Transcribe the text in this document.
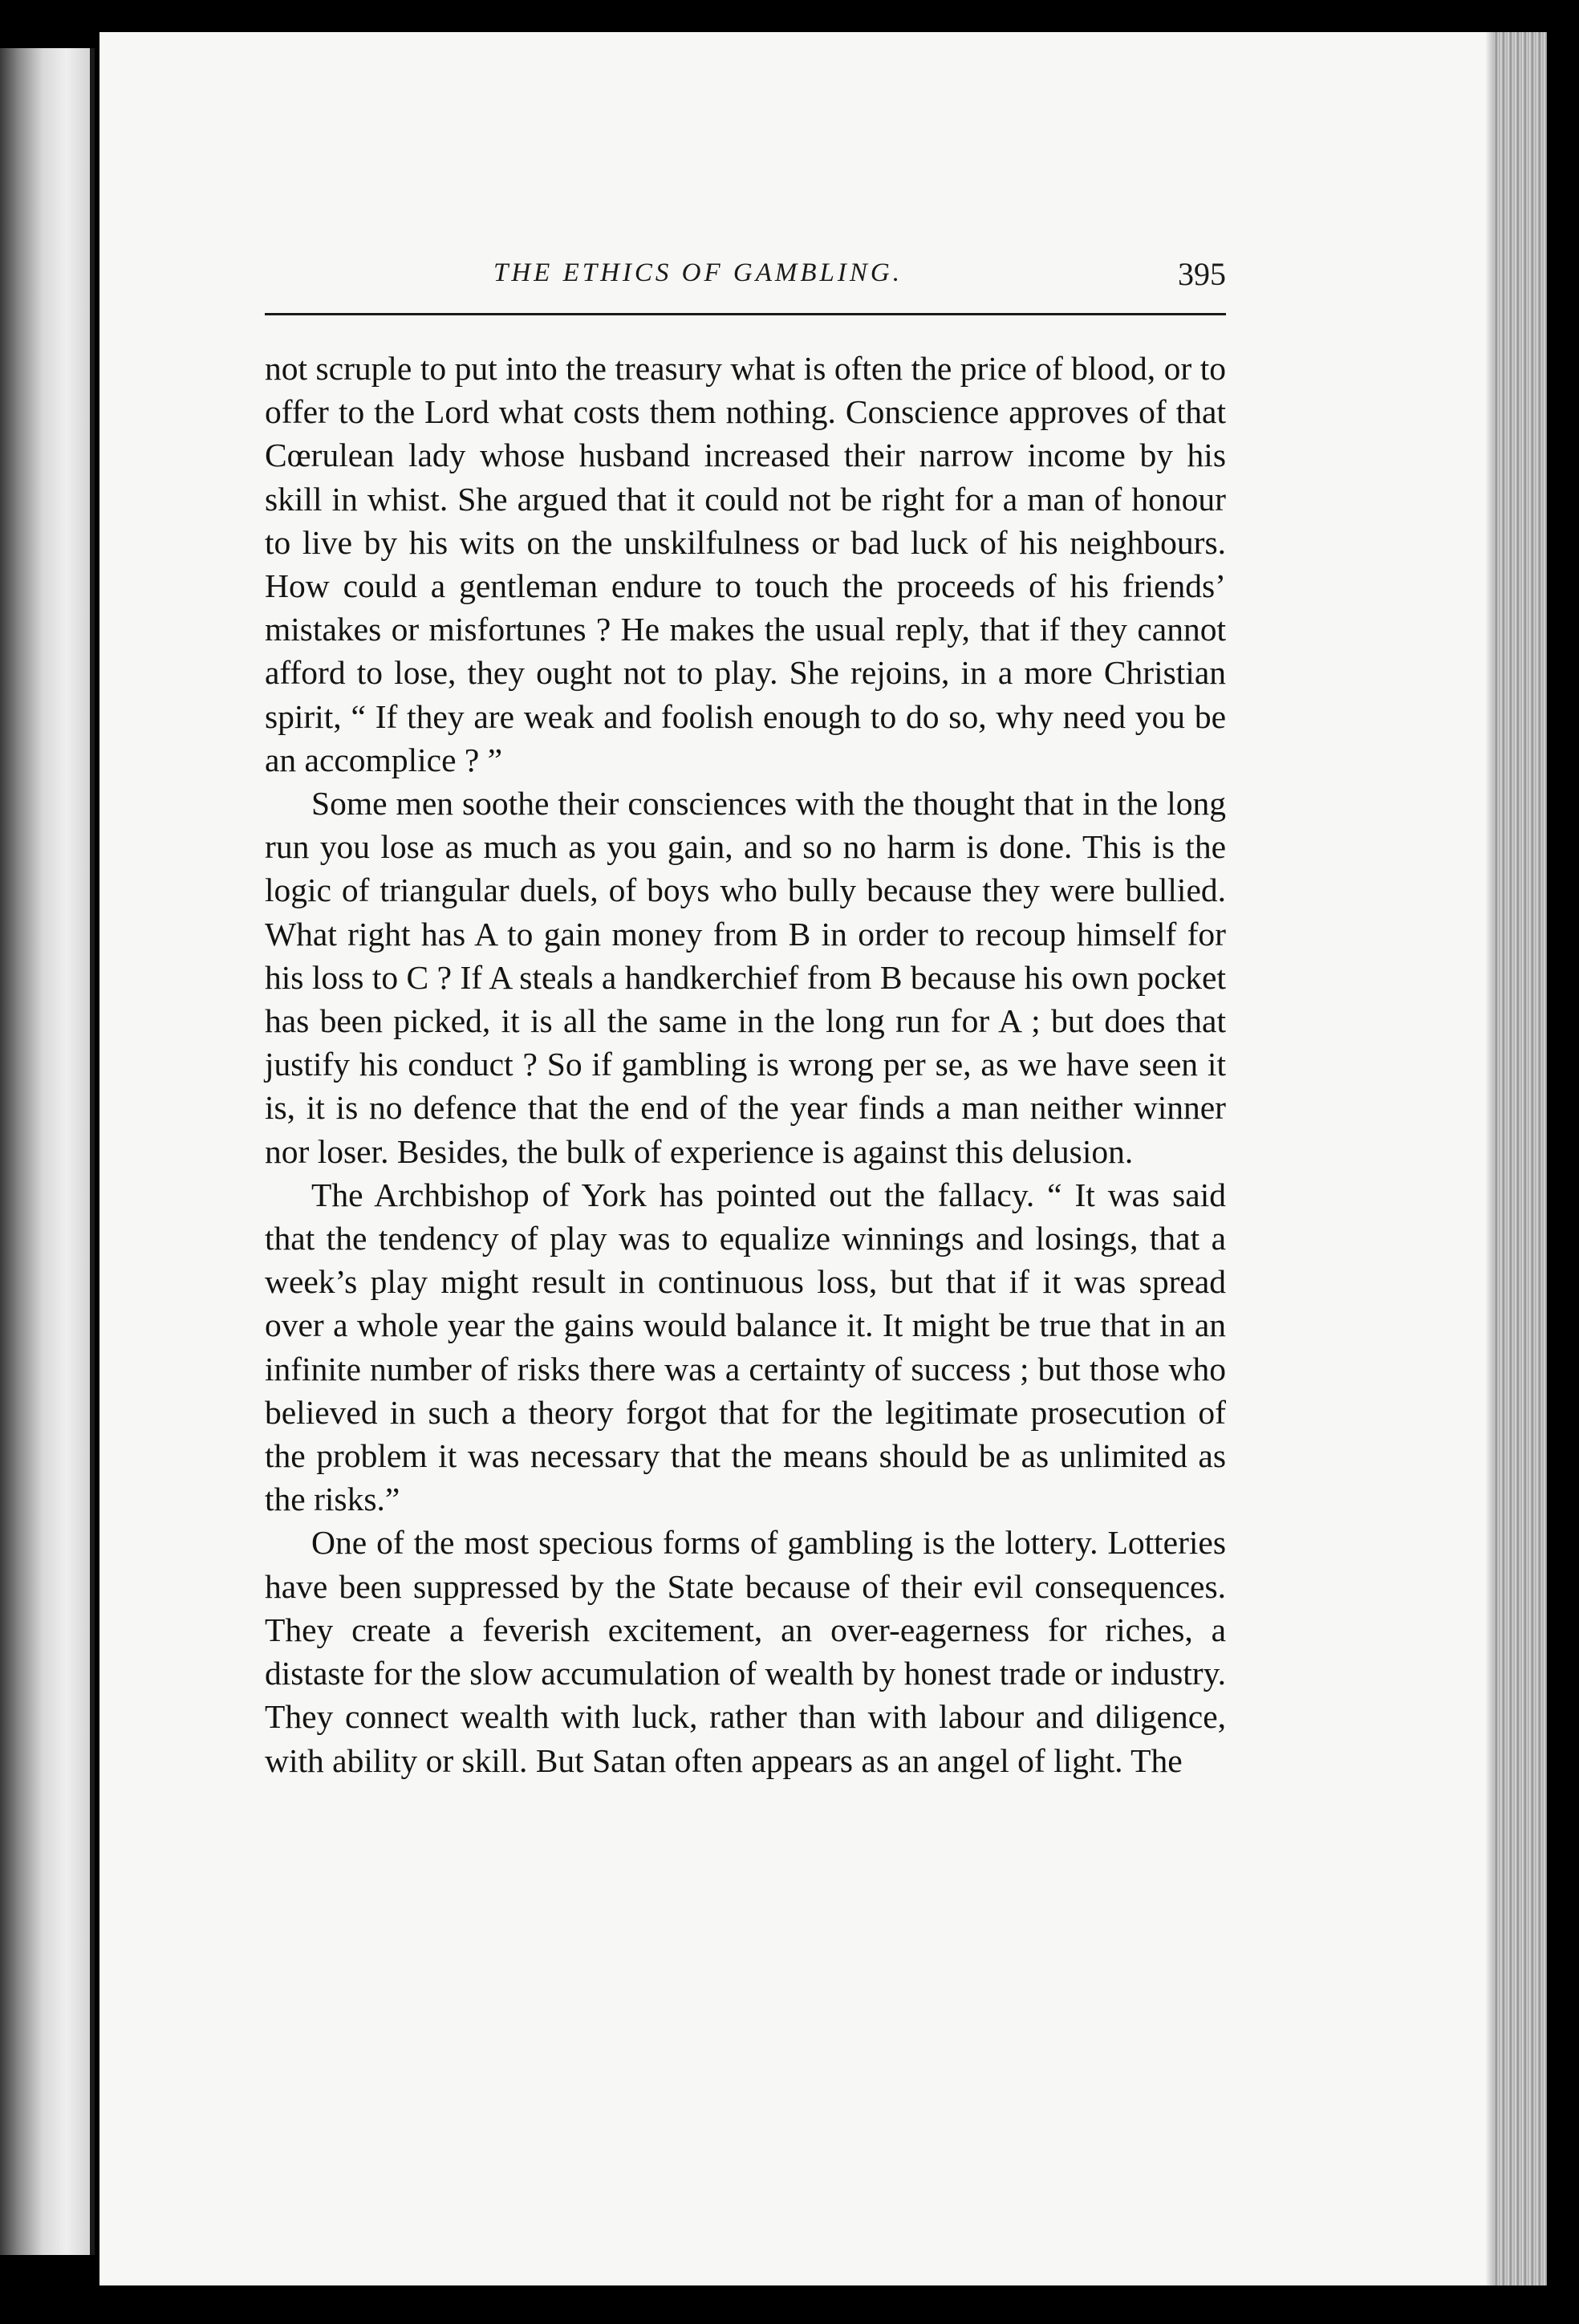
THE ETHICS OF GAMBLING.	395

not scruple to put into the treasury what is often the price of blood, or to offer to the Lord what costs them nothing. Conscience approves of that Cœrulean lady whose husband increased their narrow income by his skill in whist. She argued that it could not be right for a man of honour to live by his wits on the unskilfulness or bad luck of his neighbours. How could a gentleman endure to touch the proceeds of his friends’ mistakes or misfortunes ? He makes the usual reply, that if they cannot afford to lose, they ought not to play. She rejoins, in a more Christian spirit, “ If they are weak and foolish enough to do so, why need you be an accomplice ? ”

Some men soothe their consciences with the thought that in the long run you lose as much as you gain, and so no harm is done. This is the logic of triangular duels, of boys who bully because they were bullied. What right has A to gain money from B in order to recoup himself for his loss to C ? If A steals a handkerchief from B because his own pocket has been picked, it is all the same in the long run for A ; but does that justify his conduct ? So if gambling is wrong per se, as we have seen it is, it is no defence that the end of the year finds a man neither winner nor loser. Besides, the bulk of experience is against this delusion.

The Archbishop of York has pointed out the fallacy. “ It was said that the tendency of play was to equalize winnings and losings, that a week’s play might result in continuous loss, but that if it was spread over a whole year the gains would balance it. It might be true that in an infinite number of risks there was a certainty of success ; but those who believed in such a theory forgot that for the legitimate prosecution of the problem it was necessary that the means should be as unlimited as the risks.”

One of the most specious forms of gambling is the lottery. Lotteries have been suppressed by the State because of their evil consequences. They create a feverish excitement, an over-eagerness for riches, a distaste for the slow accumulation of wealth by honest trade or industry. They connect wealth with luck, rather than with labour and diligence, with ability or skill. But Satan often appears as an angel of light. The
